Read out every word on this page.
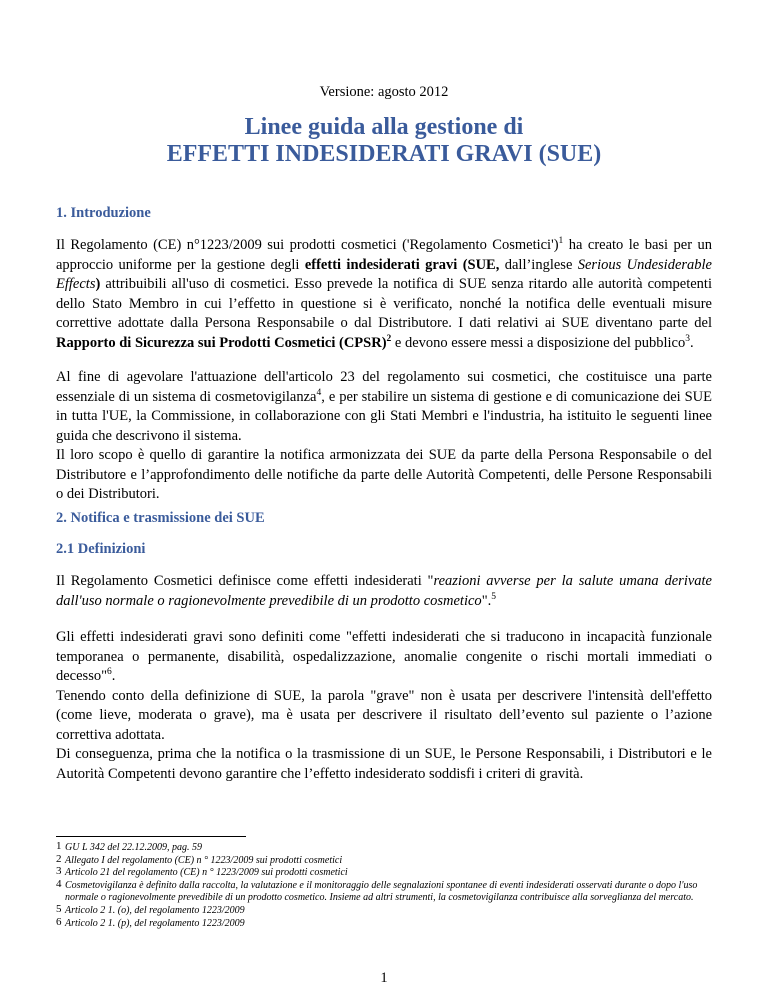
Versione: agosto 2012
Linee guida alla gestione di
EFFETTI INDESIDERATI GRAVI (SUE)
1. Introduzione
Il Regolamento (CE) n°1223/2009 sui prodotti cosmetici ('Regolamento Cosmetici')$^1$ ha creato le basi per un approccio uniforme per la gestione degli effetti indesiderati gravi (SUE, dall’inglese Serious Undesiderable Effects) attribuibili all'uso di cosmetici. Esso prevede la notifica di SUE senza ritardo alle autorità competenti dello Stato Membro in cui l’effetto in questione si è verificato, nonché la notifica delle eventuali misure correttive adottate dalla Persona Responsabile o dal Distributore. I dati relativi ai SUE diventano parte del Rapporto di Sicurezza sui Prodotti Cosmetici (CPSR)$^2$ e devono essere messi a disposizione del pubblico$^3$.
Al fine di agevolare l'attuazione dell'articolo 23 del regolamento sui cosmetici, che costituisce una parte essenziale di un sistema di cosmetovigilanza$^4$, e per stabilire un sistema di gestione e di comunicazione dei SUE in tutta l'UE, la Commissione, in collaborazione con gli Stati Membri e l'industria, ha istituito le seguenti linee guida che descrivono il sistema.
Il loro scopo è quello di garantire la notifica armonizzata dei SUE da parte della Persona Responsabile o del Distributore e l’approfondimento delle notifiche da parte delle Autorità Competenti, delle Persone Responsabili o dei Distributori.
2. Notifica e trasmissione dei SUE
2.1 Definizioni
Il Regolamento Cosmetici definisce come effetti indesiderati "reazioni avverse per la salute umana derivate dall'uso normale o ragionevolmente prevedibile di un prodotto cosmetico".$^5$
Gli effetti indesiderati gravi sono definiti come "effetti indesiderati che si traducono in incapacità funzionale temporanea o permanente, disabilità, ospedalizzazione, anomalie congenite o rischi mortali immediati o decesso"$^6$.
Tenendo conto della definizione di SUE, la parola "grave" non è usata per descrivere l'intensità dell'effetto (come lieve, moderata o grave), ma è usata per descrivere il risultato dell’evento sul paziente o l’azione correttiva adottata.
Di conseguenza, prima che la notifica o la trasmissione di un SUE, le Persone Responsabili, i Distributori e le Autorità Competenti devono garantire che l’effetto indesiderato soddisfi i criteri di gravità.
1 GU L 342 del 22.12.2009, pag. 59
2 Allegato I del regolamento (CE) n ° 1223/2009 sui prodotti cosmetici
3 Articolo 21 del regolamento (CE) n ° 1223/2009 sui prodotti cosmetici
4 Cosmetovigilanza è definito dalla raccolta, la valutazione e il monitoraggio delle segnalazioni spontanee di eventi indesiderati osservati durante o dopo l'uso normale o ragionevolmente prevedibile di un prodotto cosmetico. Insieme ad altri strumenti, la cosmetovigilanza contribuisce alla sorveglianza del mercato.
5 Articolo 2 1. (o), del regolamento 1223/2009
6 Articolo 2 1. (p), del regolamento 1223/2009
1
